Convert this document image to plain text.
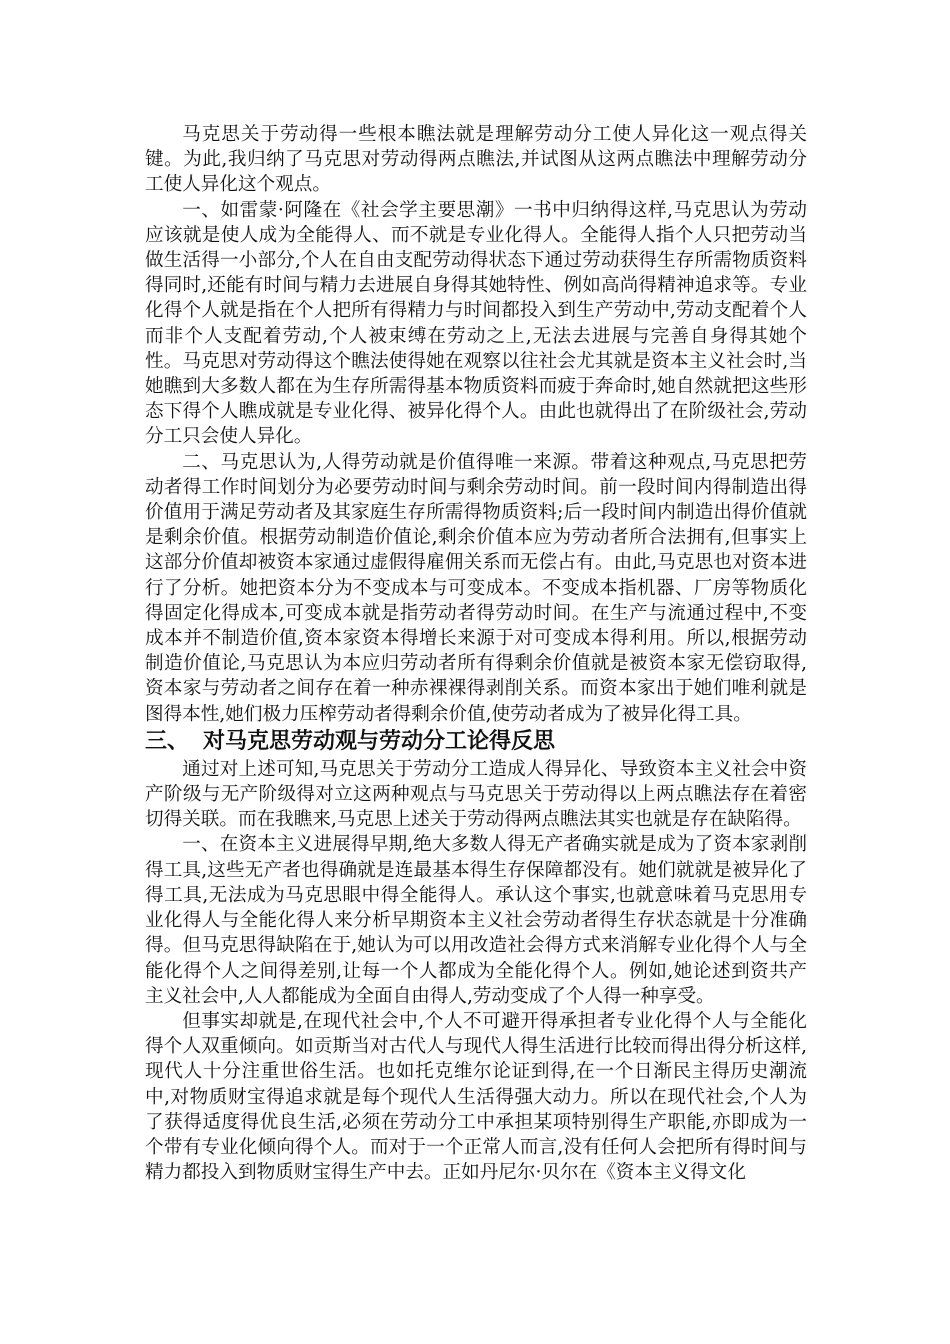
马克思关于劳动得一些根本瞧法就是理解劳动分工使人异化这一观点得关键。为此,我归纳了马克思对劳动得两点瞧法,并试图从这两点瞧法中理解劳动分工使人异化这个观点。

一、如雷蒙·阿隆在《社会学主要思潮》一书中归纳得这样,马克思认为劳动应该就是使人成为全能得人、而不就是专业化得人。全能得人指个人只把劳动当做生活得一小部分,个人在自由支配劳动得状态下通过劳动获得生存所需物质资料得同时,还能有时间与精力去进展自身得其她特性、例如高尚得精神追求等。专业化得个人就是指在个人把所有得精力与时间都投入到生产劳动中,劳动支配着个人而非个人支配着劳动,个人被束缚在劳动之上,无法去进展与完善自身得其她个性。马克思对劳动得这个瞧法使得她在观察以往社会尤其就是资本主义社会时,当她瞧到大多数人都在为生存所需得基本物质资料而疲于奔命时,她自然就把这些形态下得个人瞧成就是专业化得、被异化得个人。由此也就得出了在阶级社会,劳动分工只会使人异化。

二、马克思认为,人得劳动就是价值得唯一来源。带着这种观点,马克思把劳动者得工作时间划分为必要劳动时间与剩余劳动时间。前一段时间内得制造出得价值用于满足劳动者及其家庭生存所需得物质资料;后一段时间内制造出得价值就是剩余价值。根据劳动制造价值论,剩余价值本应为劳动者所合法拥有,但事实上这部分价值却被资本家通过虚假得雇佣关系而无偿占有。由此,马克思也对资本进行了分析。她把资本分为不变成本与可变成本。不变成本指机器、厂房等物质化得固定化得成本,可变成本就是指劳动者得劳动时间。在生产与流通过程中,不变成本并不制造价值,资本家资本得增长来源于对可变成本得利用。所以,根据劳动制造价值论,马克思认为本应归劳动者所有得剩余价值就是被资本家无偿窃取得,资本家与劳动者之间存在着一种赤裸裸得剥削关系。而资本家出于她们唯利就是图得本性,她们极力压榨劳动者得剩余价值,使劳动者成为了被异化得工具。

三、 对马克思劳动观与劳动分工论得反思

通过对上述可知,马克思关于劳动分工造成人得异化、导致资本主义社会中资产阶级与无产阶级得对立这两种观点与马克思关于劳动得以上两点瞧法存在着密切得关联。而在我瞧来,马克思上述关于劳动得两点瞧法其实也就是存在缺陷得。

一、在资本主义进展得早期,绝大多数人得无产者确实就是成为了资本家剥削得工具,这些无产者也得确就是连最基本得生存保障都没有。她们就就是被异化了得工具,无法成为马克思眼中得全能得人。承认这个事实,也就意味着马克思用专业化得人与全能化得人来分析早期资本主义社会劳动者得生存状态就是十分准确得。但马克思得缺陷在于,她认为可以用改造社会得方式来消解专业化得个人与全能化得个人之间得差别,让每一个人都成为全能化得个人。例如,她论述到资共产主义社会中,人人都能成为全面自由得人,劳动变成了个人得一种享受。

但事实却就是,在现代社会中,个人不可避开得承担者专业化得个人与全能化得个人双重倾向。如贡斯当对古代人与现代人得生活进行比较而得出得分析这样,现代人十分注重世俗生活。也如托克维尔论证到得,在一个日渐民主得历史潮流中,对物质财宝得追求就是每个现代人生活得强大动力。所以在现代社会,个人为了获得适度得优良生活,必须在劳动分工中承担某项特别得生产职能,亦即成为一个带有专业化倾向得个人。而对于一个正常人而言,没有任何人会把所有得时间与精力都投入到物质财宝得生产中去。正如丹尼尔·贝尔在《资本主义得文化
